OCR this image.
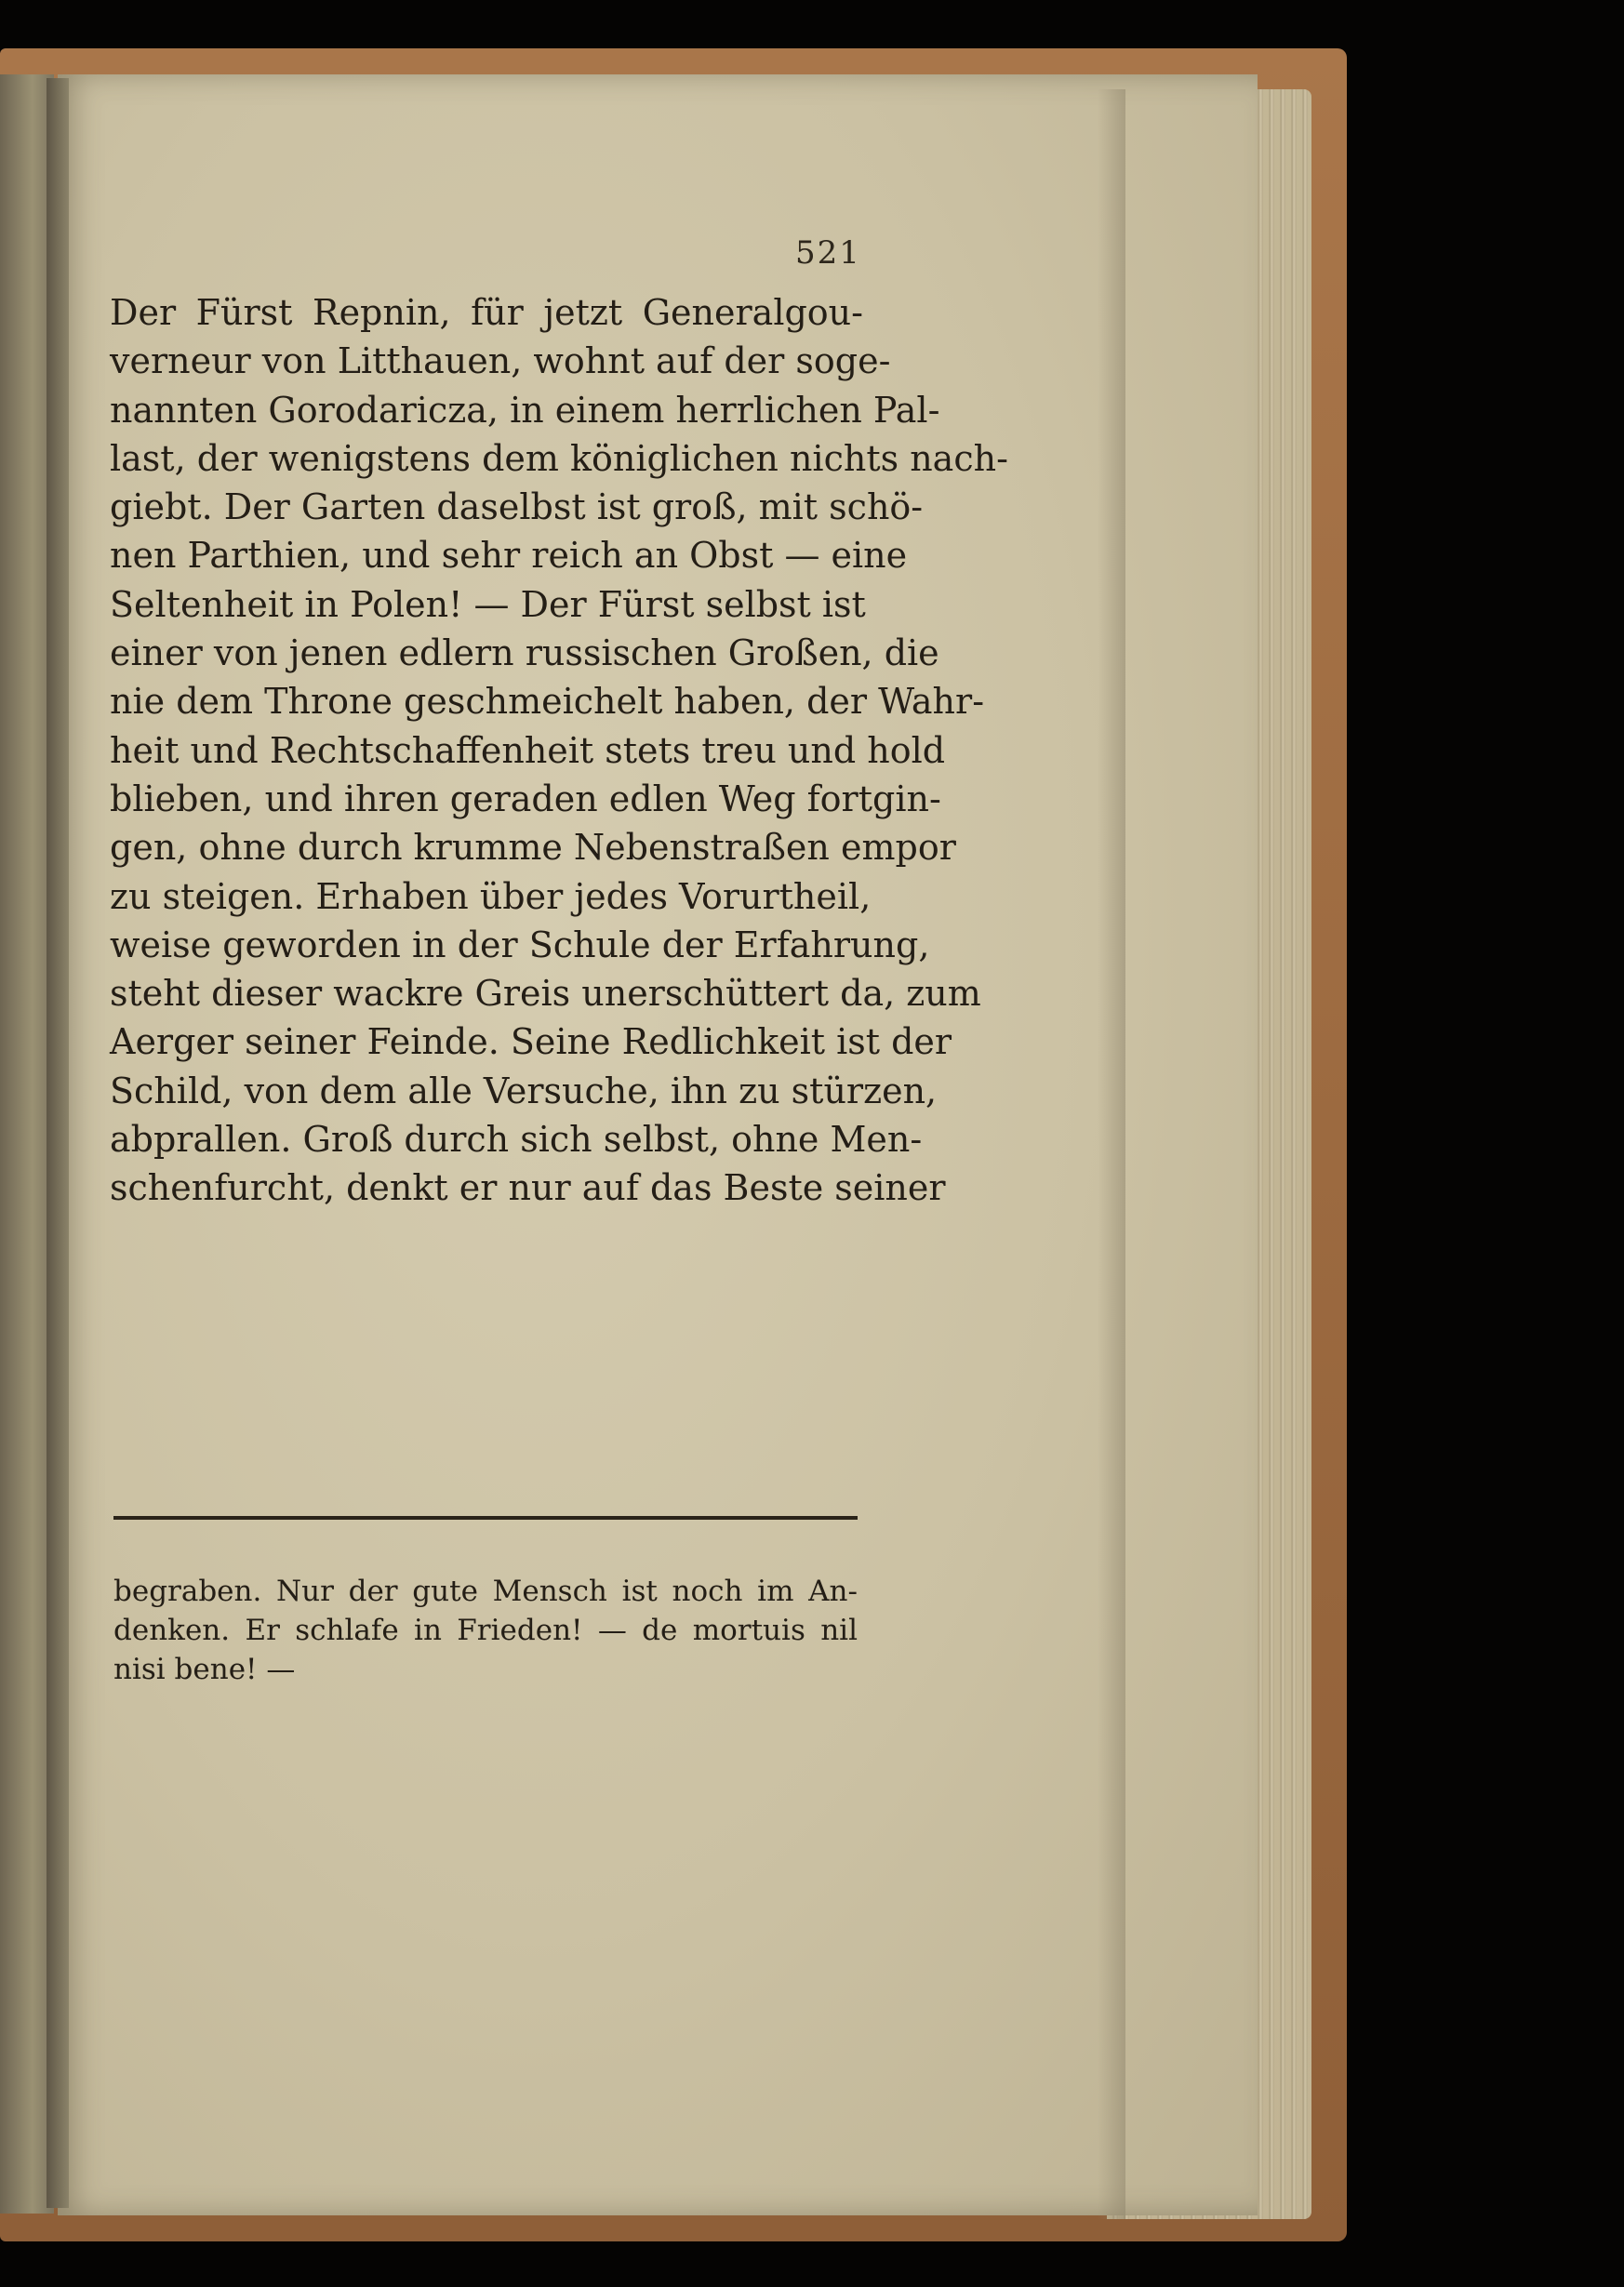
521
Der Fürst Repnin, für jetzt Generalgou-
verneur von Litthauen, wohnt auf der soge-
nannten Gorodaricza, in einem herrlichen Pal-
last, der wenigstens dem königlichen nichts nach-
giebt. Der Garten daselbst ist groß, mit schö-
nen Parthien, und sehr reich an Obst — eine
Seltenheit in Polen! — Der Fürst selbst ist
einer von jenen edlern russischen Großen, die
nie dem Throne geschmeichelt haben, der Wahr-
heit und Rechtschaffenheit stets treu und hold
blieben, und ihren geraden edlen Weg fortgin-
gen, ohne durch krumme Nebenstraßen empor
zu steigen. Erhaben über jedes Vorurtheil,
weise geworden in der Schule der Erfahrung,
steht dieser wackre Greis unerschüttert da, zum
Aerger seiner Feinde. Seine Redlichkeit ist der
Schild, von dem alle Versuche, ihn zu stürzen,
abprallen. Groß durch sich selbst, ohne Men-
schenfurcht, denkt er nur auf das Beste seiner
begraben. Nur der gute Mensch ist noch im An-
denken. Er schlafe in Frieden! — de mortuis nil
nisi bene! —
